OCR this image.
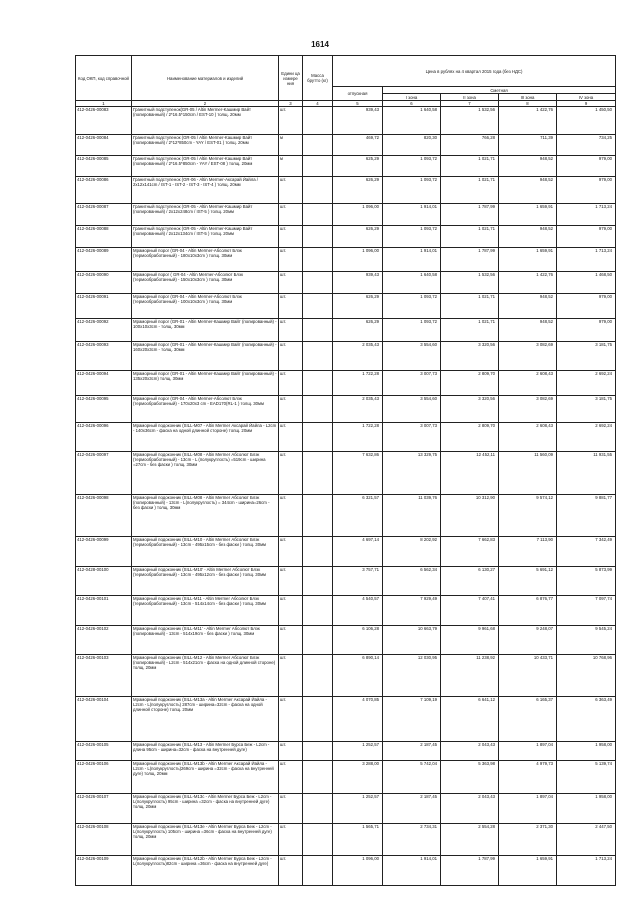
1614
Код ОКП, код справочной	Наименование материалов и изделий	Едини ца измере ния	Масса брутто (кг)	Цена в рублях на 4 квартал 2015 года (без НДС)				
				отпускная	Сметная			
					I зона	II зона	III зона	IV зона
1	2	3	4	5	6	7	8	9
412-0426-00083	Гранитный подступенок(GR-05 / Altin Mermer-Kaшмир Вайт (полированный) / 2*16.5*150cm / EST-10 ) толщ. 20мм	шт.		939,43	1 640,58	1 532,56	1 422,76	1 450,50
412-0426-00084	Гранитный подступенок (GR-05 / Altin Mermer-Kaшмир Вайт (полированный) / 2*12*850cm - YAY / EST-01 ) толщ. 20мм	м		469,72	820,30	766,28	711,39	734,25
412-0426-00085	Гранитный подступенок (GR-05 / Altin Mermer-Kaшмир Вайт (полированный) / 2*16.5*850cm - YAY / EST-08 ) толщ. 20мм	м		625,29	1 093,72	1 021,71	948,52	979,00
412-0426-00086	Гранитный подступенок (GR-06 - Altin Mermer-Аксарай Йайла / 2x12x141cm / IST-1 - IST-2 - IST-3 - IST-4 ) толщ. 20мм	шт.		626,29	1 093,72	1 021,71	948,52	979,00
412-0426-00087	Гранитный подступенок (GR-05 - Altin Mermer-Kaшмир Вайт (полированный) / 2x12x248cm / IST-5 ) толщ. 20мм	шт.		1 096,00	1 914,01	1 787,99	1 659,91	1 713,24
412-0426-00088	Гранитный подступенок (GR-05 - Altin Mermer-Kaшмир Вайт (полированный) / 2x12x134cm / IST-5 ) толщ. 20мм	шт.		626,29	1 093,72	1 021,71	948,52	979,00
412-0426-00089	Мраморный порог (GR-04 - Altin Mermer-Абсолют Блэк (термообработанный) - 180x10x3cm ) толщ. 30мм	шт.		1 096,00	1 914,01	1 787,99	1 659,91	1 713,24
412-0426-00090	Мраморный порог ( GR-04 - Altin Mermer-Абсолют Блэк (термообработанный) - 150x10x3cm ) толщ. 30мм	шт.		939,43	1 640,58	1 532,56	1 422,76	1 468,50
412-0426-00091	Мраморный порог (GR-04 - Altin Mermer-Абсолют Блэк (термообработанный) - 100x10x3cm ) толщ. 30мм	шт.		626,29	1 093,72	1 021,71	948,52	979,00
412-0426-00092	Мраморный порог (GR-01 - Altin Mermer-Кашмир Вайт (полированный) - 100x10x3cm - толщ. 30мм	шт.		626,29	1 093,72	1 021,71	948,52	979,00
412-0426-00093	Мраморный порог (GR-01 - Altin Mermer-Кашмир Вайт (полированный) - 160x20x3cm - толщ. 30мм	шт.		2 035,43	3 554,60	3 320,56	3 082,69	3 181,75
412-0426-00094	Мраморный порог (GR-01 - Altin Mermer-Кашмир Вайт (полированный) - 135x20x3cm) толщ. 30мм	шт.		1 722,28	3 007,73	2 809,70	2 608,43	2 692,24
412-0426-00095	Мраморный порог (GR-04 - Altin Mermer-Абсолют Блэк (термообработанный) - 170x20x3 cm - EAD170(RL-1 ) толщ. 30мм	шт.		2 035,43	3 554,60	3 320,56	3 082,69	3 181,75
412-0426-00096	Мраморный подоконник (SILL-M07 - Altin Mermer Аксарай Йайла - L2cm - 140x36cm - фаска на одной длинной стороне) толщ. 20мм	шт.		1 722,28	3 007,73	2 809,70	2 608,43	2 692,24
412-0426-00097	Мраморный подоконник (SILL-M08 - Altin Mermer Абсолют Блэк (термообработанный) - 13cm - L (полукруглость) =519cm - ширина =27cm - без фаски ) толщ. 30мм	шт.		7 632,86	13 329,75	12 452,11	11 560,09	11 931,55
412-0426-00098	Мраморный подоконник (SILL-M08 - Altin Mermer Абсолют Блэк (полированный) - 13cm - L(полукруглость) = 344cm - ширина=26cm - без фаски ) толщ. 30мм	шт.		6 321,57	11 039,76	10 312,90	9 574,12	9 881,77
412-0426-00099	Мраморный подоконник (SILL-M10 - Altin Mermer Абсолют Блэк (термообработанный) - 13cm - 495x15cm - без фаски ) толщ. 30мм	шт.		4 697,14	8 202,92	7 662,83	7 113,90	7 342,49
412-0428-00100	Мраморный подоконник (SILL-M10' - Altin Mermer Абсолют Блэк (термообработанный) - 13cm - 495x12cm - без фаски ) толщ. 30мм	шт.		3 757,71	6 562,34	6 130,27	5 691,12	5 873,99
412-0426-00101	Мраморный подоконник (SILL-M11 - Altin Mermer Абсолют Блэк (термообработанный) - 13cm - 514x14cm - без фаски ) толщ. 30мм	шт.		4 540,57	7 929,49	7 407,41	6 876,77	7 097,74
412-0426-00102	Мраморный подоконник (SILL-M11' - Altin Mermer Абсолют Блэк (полированный) - 13cm - 514x19cm - без фаски ) толщ. 30мм	шт.		6 106,28	10 663,79	9 961,68	9 248,07	9 545,24
412-0426-00103	Мраморный подоконник (SILL-M12 - Altin Mermer Абсолют Блэк (полированный) - L2cm - 514x21cm - фаска на одной длинной стороне) толщ. 20мм	шт.		6 890,14	12 030,95	11 238,92	10 433,71	10 768,96
412-0426-00104	Мраморный подоконник (SILL-M13a - Altin Mermer Аксарай Йайла - L2cm - L(полукруглость) 287cm - ширина=32cm - фаска на одной длинной стороне) толщ. 20мм	шт.		4 070,85	7 109,19	6 641,12	6 165,37	6 363,49
412-0426-00105	Мраморный подоконник (SILL-M13 - Altin Mermer Бурса Беж - L2cm - длина 95cm - ширина=32cm - фаска на внутренней дуге)	шт.		1 252,57	2 187,45	2 043,43	1 897,04	1 958,00
412-0426-00106	Мраморный подоконник (SILL-M13b - Altin Mermer Аксарай Йайла - L2cm - L(полукруглость)269cm - ширина =32cm - фаска на внутренней дуге) толщ. 20мм	шт.		3 288,00	5 742,04	5 363,98	4 979,73	5 139,74
412-0426-00107	Мраморный подоконник (SILL-M13c - Altin Mermer Бурса Беж - L2cm - L(полукруглость) 95cm - ширина =32cm - фаска на внутренней дуге) толщ. 20мм	шт.		1 252,57	2 187,45	2 043,43	1 897,04	1 958,00
412-0426-00108	Мраморный подоконник (SILL-M13e - Altin Mermer Бурса Беж - L2cm - L(полукруглость) 105cm - ширина =36cm - фаска на внутренней дуге) толщ. 20мм	шт.		1 565,71	2 734,31	2 554,28	2 371,30	2 447,50
412-0426-00109	Мраморный подоконник (SILL-M12b - Altin Mermer Бурса Беж - L2cm - L(полукруглость)82cm - ширина =36cm - фаска на внутренней дуге)	шт.		1 096,00	1 914,01	1 787,99	1 659,91	1 713,24
